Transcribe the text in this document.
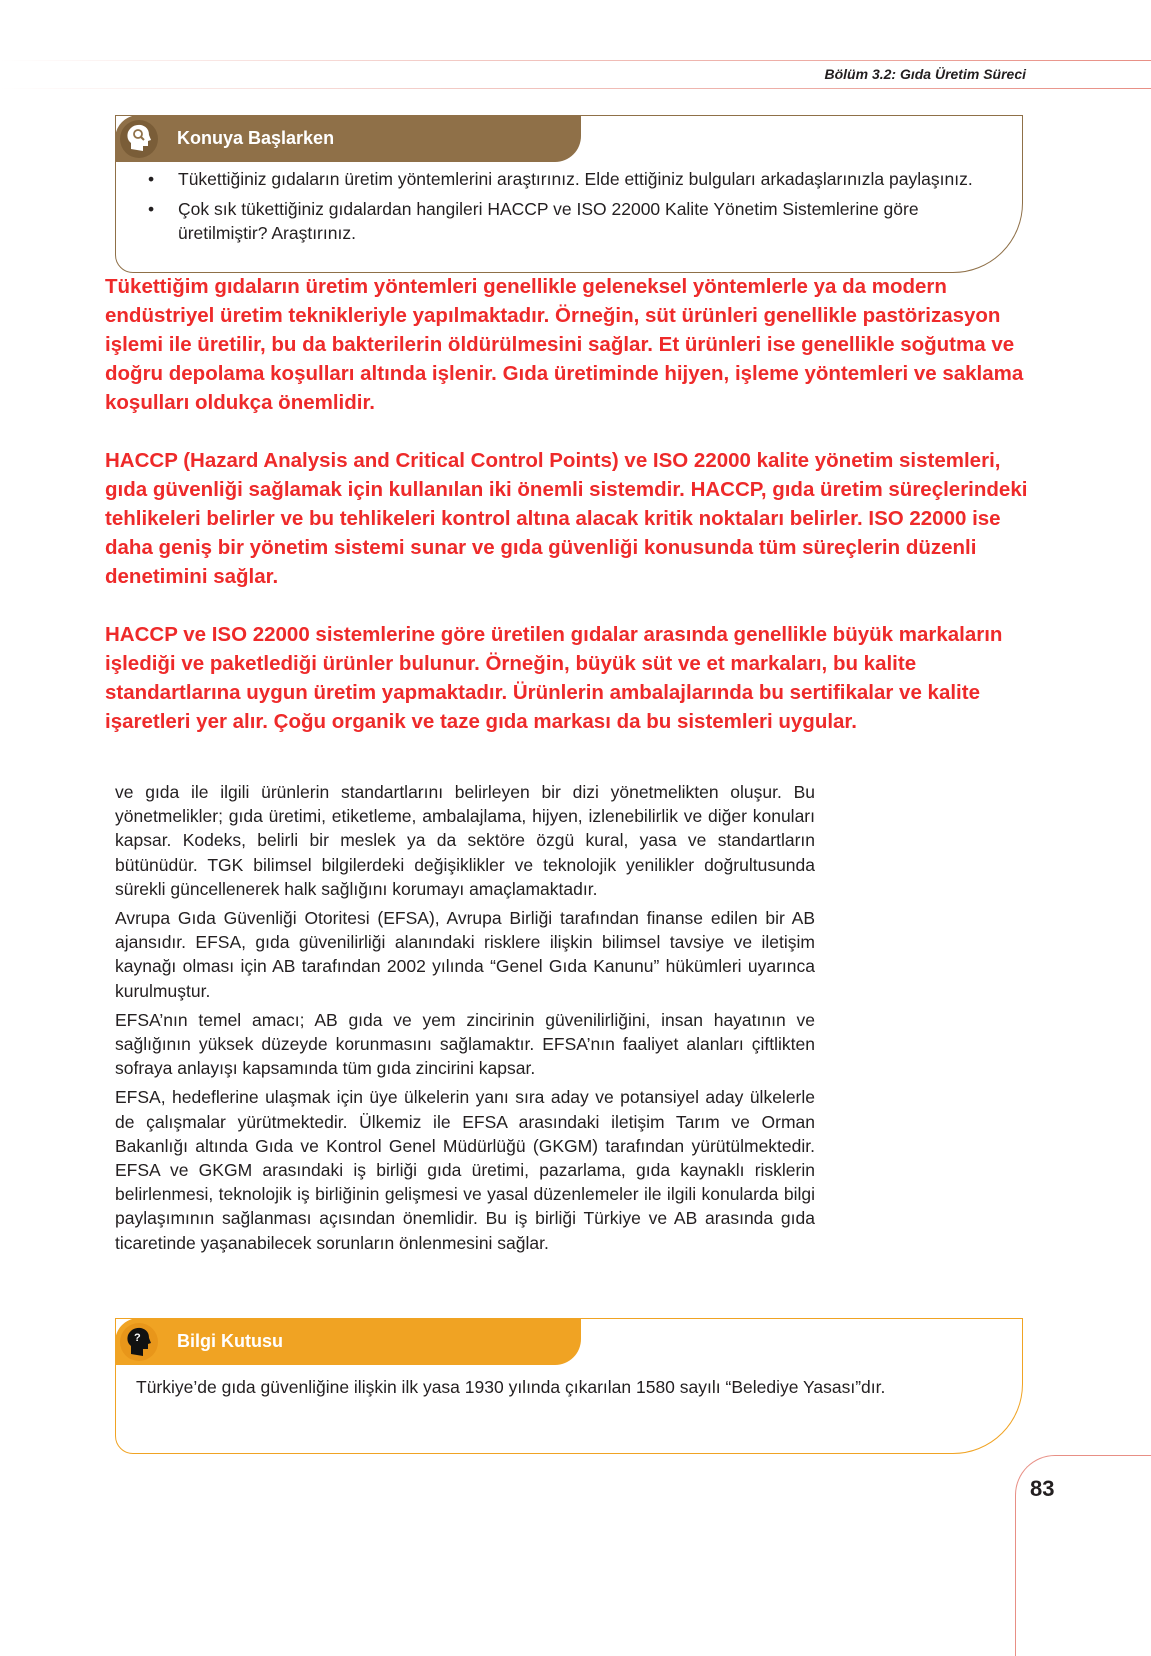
Bölüm 3.2: Gıda Üretim Süreci
Konuya Başlarken
• Tükettiğiniz gıdaların üretim yöntemlerini araştırınız. Elde ettiğiniz bulguları arkadaşlarınızla paylaşınız.
• Çok sık tükettiğiniz gıdalardan hangileri HACCP ve ISO 22000 Kalite Yönetim Sistemlerine göre üretilmiştir? Araştırınız.

Tükettiğim gıdaların üretim yöntemleri genellikle geleneksel yöntemlerle ya da modern endüstriyel üretim teknikleriyle yapılmaktadır. Örneğin, süt ürünleri genellikle pastörizasyon işlemi ile üretilir, bu da bakterilerin öldürülmesini sağlar. Et ürünleri ise genellikle soğutma ve doğru depolama koşulları altında işlenir. Gıda üretiminde hijyen, işleme yöntemleri ve saklama koşulları oldukça önemlidir.

HACCP (Hazard Analysis and Critical Control Points) ve ISO 22000 kalite yönetim sistemleri, gıda güvenliği sağlamak için kullanılan iki önemli sistemdir. HACCP, gıda üretim süreçlerindeki tehlikeleri belirler ve bu tehlikeleri kontrol altına alacak kritik noktaları belirler. ISO 22000 ise daha geniş bir yönetim sistemi sunar ve gıda güvenliği konusunda tüm süreçlerin düzenli denetimini sağlar.

HACCP ve ISO 22000 sistemlerine göre üretilen gıdalar arasında genellikle büyük markaların işlediği ve paketlediği ürünler bulunur. Örneğin, büyük süt ve et markaları, bu kalite standartlarına uygun üretim yapmaktadır. Ürünlerin ambalajlarında bu sertifikalar ve kalite işaretleri yer alır. Çoğu organik ve taze gıda markası da bu sistemleri uygular.

ve gıda ile ilgili ürünlerin standartlarını belirleyen bir dizi yönetmelikten oluşur. Bu yönetmelikler; gıda üretimi, etiketleme, ambalajlama, hijyen, izlenebilirlik ve diğer konuları kapsar. Kodeks, belirli bir meslek ya da sektöre özgü kural, yasa ve standartların bütünüdür. TGK bilimsel bilgilerdeki değişiklikler ve teknolojik yenilikler doğrultusunda sürekli güncellenerek halk sağlığını korumayı amaçlamaktadır.

Avrupa Gıda Güvenliği Otoritesi (EFSA), Avrupa Birliği tarafından finanse edilen bir AB ajansıdır. EFSA, gıda güvenilirliği alanındaki risklere ilişkin bilimsel tavsiye ve iletişim kaynağı olması için AB tarafından 2002 yılında “Genel Gıda Kanunu” hükümleri uyarınca kurulmuştur.

EFSA’nın temel amacı; AB gıda ve yem zincirinin güvenilirliğini, insan hayatının ve sağlığının yüksek düzeyde korunmasını sağlamaktır. EFSA’nın faaliyet alanları çiftlikten sofraya anlayışı kapsamında tüm gıda zincirini kapsar.

EFSA, hedeflerine ulaşmak için üye ülkelerin yanı sıra aday ve potansiyel aday ülkelerle de çalışmalar yürütmektedir. Ülkemiz ile EFSA arasındaki iletişim Tarım ve Orman Bakanlığı altında Gıda ve Kontrol Genel Müdürlüğü (GKGM) tarafından yürütülmektedir. EFSA ve GKGM arasındaki iş birliği gıda üretimi, pazarlama, gıda kaynaklı risklerin belirlenmesi, teknolojik iş birliğinin gelişmesi ve yasal düzenlemeler ile ilgili konularda bilgi paylaşımının sağlanması açısından önemlidir. Bu iş birliği Türkiye ve AB arasında gıda ticaretinde yaşanabilecek sorunların önlenmesini sağlar.

? Bilgi Kutusu
Türkiye’de gıda güvenliğine ilişkin ilk yasa 1930 yılında çıkarılan 1580 sayılı “Belediye Yasası”dır.
83
